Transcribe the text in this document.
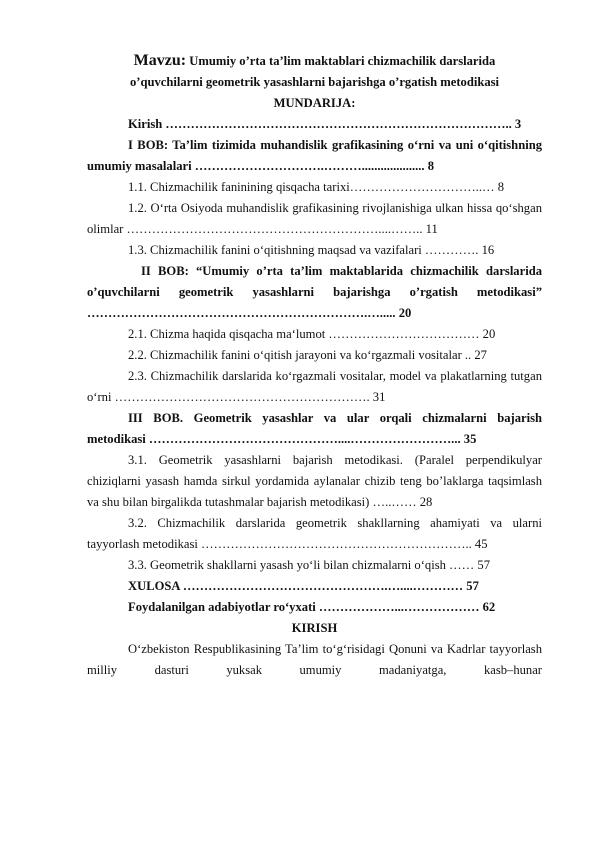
Mavzu: Umumiy o’rta ta’lim maktablari chizmachilik darslarida
o’quvchilarni geometrik yasashlarni bajarishga o’rgatish metodikasi
MUNDARIJA:

Kirish ……………………………………………………………………….. 3

I BOB: Ta’lim tizimida muhandislik grafikasining o‘rni va uni o‘qitishning umumiy masalalari ………………………….……….................... 8

1.1. Chizmachilik faninining qisqacha tarixi…………………………..… 8

1.2. O‘rta Osiyoda muhandislik grafikasining rivojlanishiga ulkan hissa qo‘shgan olimlar ……………………………………………………....…….. 11

1.3. Chizmachilik fanini o‘qitishning maqsad va vazifalari …………. 16

II BOB: “Umumiy o’rta ta’lim maktablarida chizmachilik darslarida o’quvchilarni geometrik yasashlarni bajarishga o’rgatish metodikasi” ………………………………………………………….…..... 20

2.1. Chizma haqida qisqacha ma‘lumot ……………………………… 20

2.2. Chizmachilik fanini o‘qitish jarayoni va ko‘rgazmali vositalar .. 27

2.3. Chizmachilik darslarida ko‘rgazmali vositalar, model va plakatlarning tutgan o‘rni ……………………………………………………. 31

III BOB. Geometrik yasashlar va ular orqali chizmalarni bajarish metodikasi ………………………………………....……………………... 35

3.1. Geometrik yasashlarni bajarish metodikasi. (Paralel perpendikulyar chiziqlarni yasash hamda sirkul yordamida aylanalar chizib teng bo’laklarga taqsimlash va shu bilan birgalikda tutashmalar bajarish metodikasi) …..…… 28

3.2. Chizmachilik darslarida geometrik shakllarning ahamiyati va ularni tayyorlash metodikasi ……………………………………………………….. 45

3.3. Geometrik shakllarni yasash yo‘li bilan chizmalarni o‘qish …… 57

XULOSA ………………………………………….…....………… 57

Foydalanilgan adabiyotlar ro‘yxati ………………...……………… 62

KIRISH

O‘zbekiston Respublikasining Ta’lim to‘g‘risidagi Qonuni va Kadrlar tayyorlash milliy dasturi yuksak umumiy madaniyatga, kasb–hunar
